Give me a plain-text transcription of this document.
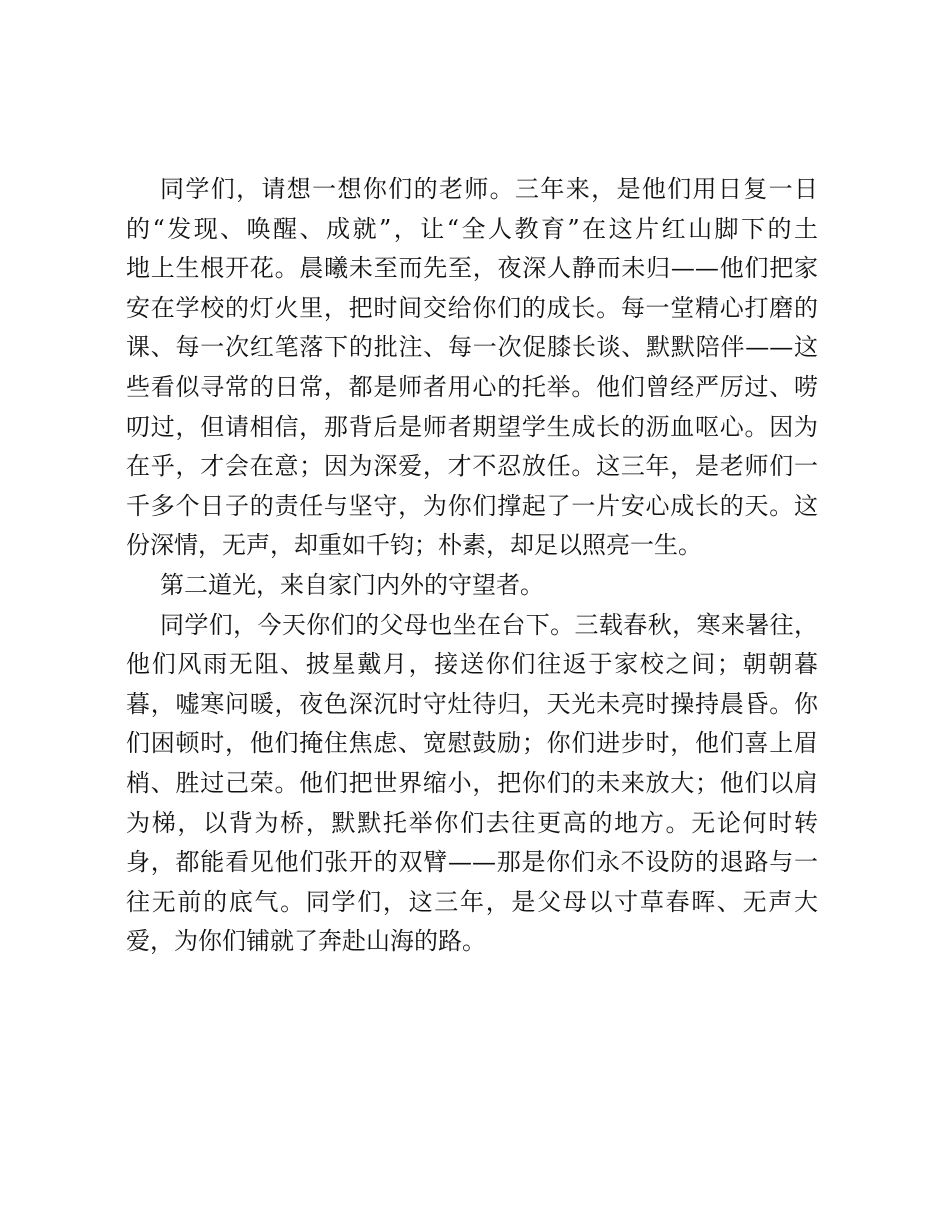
同学们，请想一想你们的老师。三年来，是他们用日复一日
的“发现、唤醒、成就”，让“全人教育”在这片红山脚下的土
地上生根开花。晨曦未至而先至，夜深人静而未归——他们把家
安在学校的灯火里，把时间交给你们的成长。每一堂精心打磨的
课、每一次红笔落下的批注、每一次促膝长谈、默默陪伴——这
些看似寻常的日常，都是师者用心的托举。他们曾经严厉过、唠
叨过，但请相信，那背后是师者期望学生成长的沥血呕心。因为
在乎，才会在意；因为深爱，才不忍放任。这三年，是老师们一
千多个日子的责任与坚守，为你们撑起了一片安心成长的天。这
份深情，无声，却重如千钧；朴素，却足以照亮一生。
第二道光，来自家门内外的守望者。
同学们，今天你们的父母也坐在台下。三载春秋，寒来暑往，
他们风雨无阻、披星戴月，接送你们往返于家校之间；朝朝暮
暮，嘘寒问暖，夜色深沉时守灶待归，天光未亮时操持晨昏。你
们困顿时，他们掩住焦虑、宽慰鼓励；你们进步时，他们喜上眉
梢、胜过己荣。他们把世界缩小，把你们的未来放大；他们以肩
为梯，以背为桥，默默托举你们去往更高的地方。无论何时转
身，都能看见他们张开的双臂——那是你们永不设防的退路与一
往无前的底气。同学们，这三年，是父母以寸草春晖、无声大
爱，为你们铺就了奔赴山海的路。
